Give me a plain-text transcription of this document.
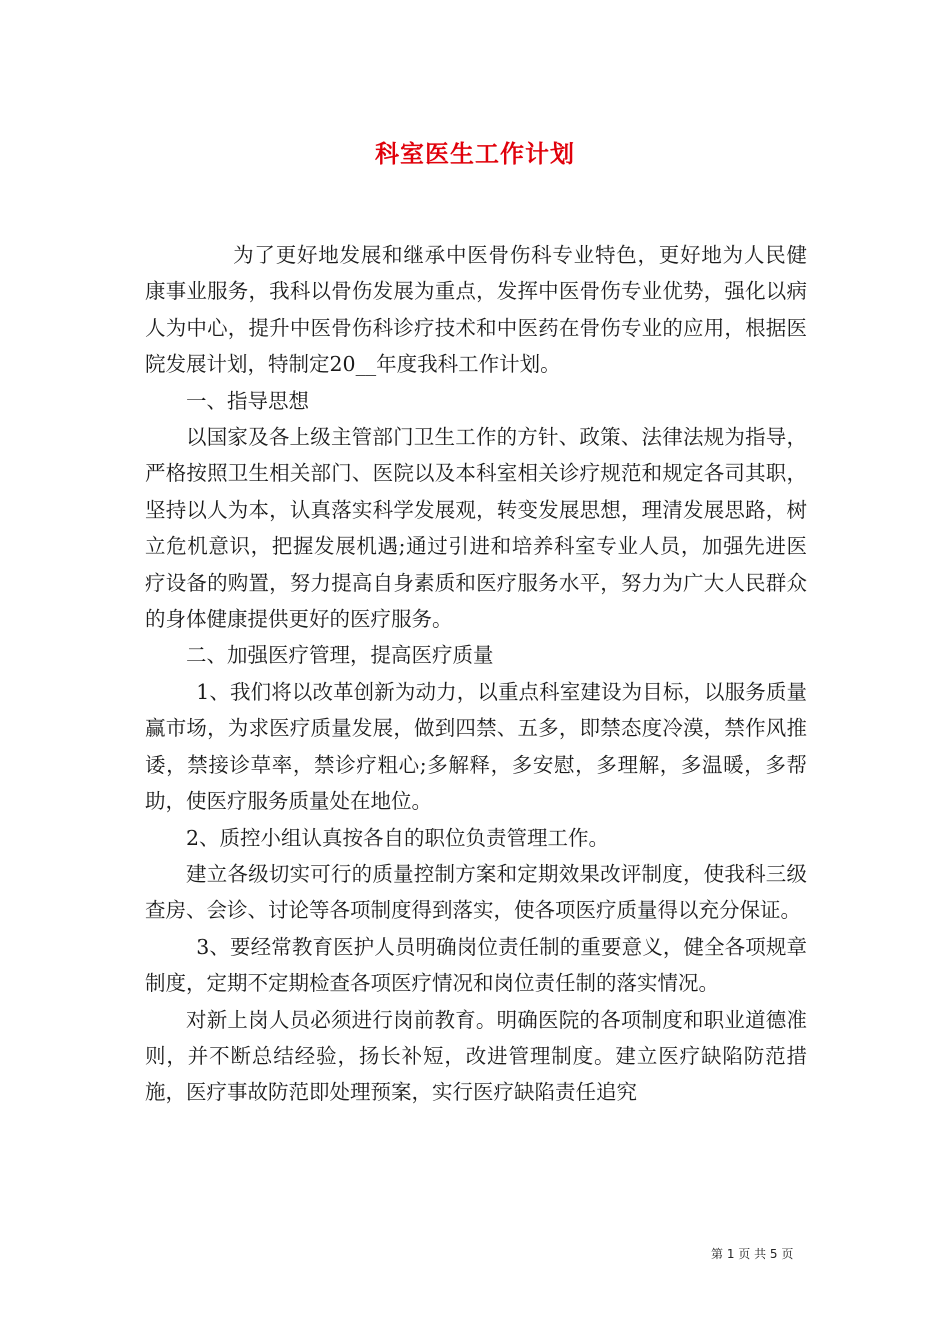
科室医生工作计划

为了更好地发展和继承中医骨伤科专业特色，更好地为人民健康事业服务，我科以骨伤发展为重点，发挥中医骨伤专业优势，强化以病人为中心，提升中医骨伤科诊疗技术和中医药在骨伤专业的应用，根据医院发展计划，特制定20__年度我科工作计划。

一、指导思想

以国家及各上级主管部门卫生工作的方针、政策、法律法规为指导，严格按照卫生相关部门、医院以及本科室相关诊疗规范和规定各司其职，坚持以人为本，认真落实科学发展观，转变发展思想，理清发展思路，树立危机意识，把握发展机遇;通过引进和培养科室专业人员，加强先进医疗设备的购置，努力提高自身素质和医疗服务水平，努力为广大人民群众的身体健康提供更好的医疗服务。

二、加强医疗管理，提高医疗质量

1、我们将以改革创新为动力，以重点科室建设为目标，以服务质量赢市场，为求医疗质量发展，做到四禁、五多，即禁态度冷漠，禁作风推诿，禁接诊草率，禁诊疗粗心;多解释，多安慰，多理解，多温暖，多帮助，使医疗服务质量处在地位。

2、质控小组认真按各自的职位负责管理工作。

建立各级切实可行的质量控制方案和定期效果改评制度，使我科三级查房、会诊、讨论等各项制度得到落实，使各项医疗质量得以充分保证。

3、要经常教育医护人员明确岗位责任制的重要意义，健全各项规章制度，定期不定期检查各项医疗情况和岗位责任制的落实情况。

对新上岗人员必须进行岗前教育。明确医院的各项制度和职业道德准则，并不断总结经验，扬长补短，改进管理制度。建立医疗缺陷防范措施，医疗事故防范即处理预案，实行医疗缺陷责任追究

第 1 页 共 5 页
